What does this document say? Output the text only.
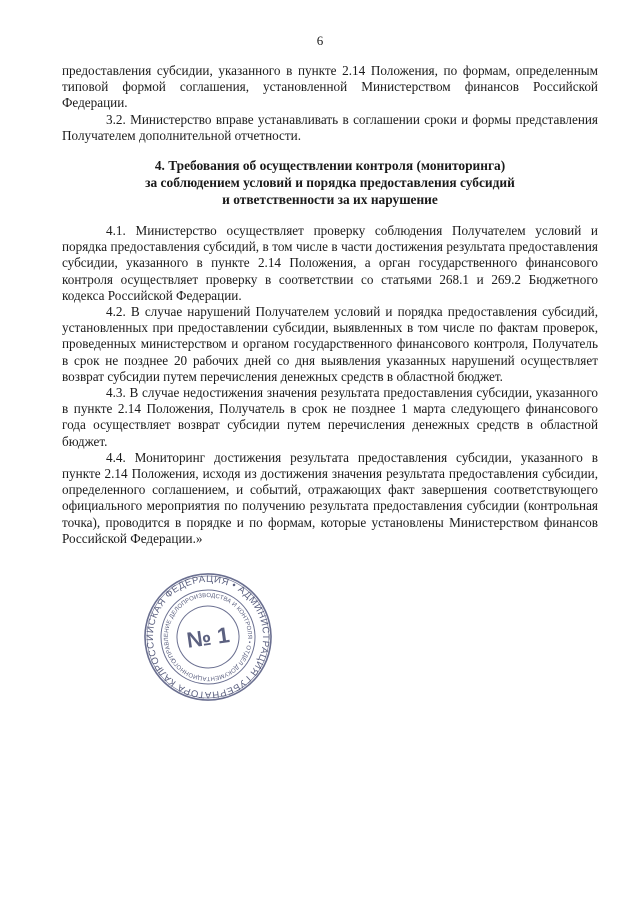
6

предоставления субсидии, указанного в пункте 2.14 Положения, по формам, определенным типовой формой соглашения, установленной Министерством финансов Российской Федерации.

3.2. Министерство вправе устанавливать в соглашении сроки и формы представления Получателем дополнительной отчетности.

4. Требования об осуществлении контроля (мониторинга)
за соблюдением условий и порядка предоставления субсидий
и ответственности за их нарушение

4.1. Министерство осуществляет проверку соблюдения Получателем условий и порядка предоставления субсидий, в том числе в части достижения результата предоставления субсидии, указанного в пункте 2.14 Положения, а орган государственного финансового контроля осуществляет проверку в соответствии со статьями 268.1 и 269.2 Бюджетного кодекса Российской Федерации.

4.2. В случае нарушений Получателем условий и порядка предоставления субсидий, установленных при предоставлении субсидии, выявленных в том числе по фактам проверок, проведенных министерством и органом государственного финансового контроля, Получатель в срок не позднее 20 рабочих дней со дня выявления указанных нарушений осуществляет возврат субсидии путем перечисления денежных средств в областной бюджет.

4.3. В случае недостижения значения результата предоставления субсидии, указанного в пункте 2.14 Положения, Получатель в срок не позднее 1 марта следующего финансового года осуществляет возврат субсидии путем перечисления денежных средств в областной бюджет.

4.4. Мониторинг достижения результата предоставления субсидии, указанного в пункте 2.14 Положения, исходя из достижения значения результата предоставления субсидии, определенного соглашением, и событий, отражающих факт завершения соответствующего официального мероприятия по получению результата предоставления субсидии (контрольная точка), проводится в порядке и по формам, которые установлены Министерством финансов Российской Федерации.»

РОССИЙСКАЯ ФЕДЕРАЦИЯ • АДМИНИСТРАЦИЯ ГУБЕРНАТОРА КАЛУЖСКОЙ
УПРАВЛЕНИЕ ДЕЛОПРОИЗВОДСТВА И КОНТРОЛЯ • ОТДЕЛ ДОКУМЕНТАЦИОННОГО
№ 1
